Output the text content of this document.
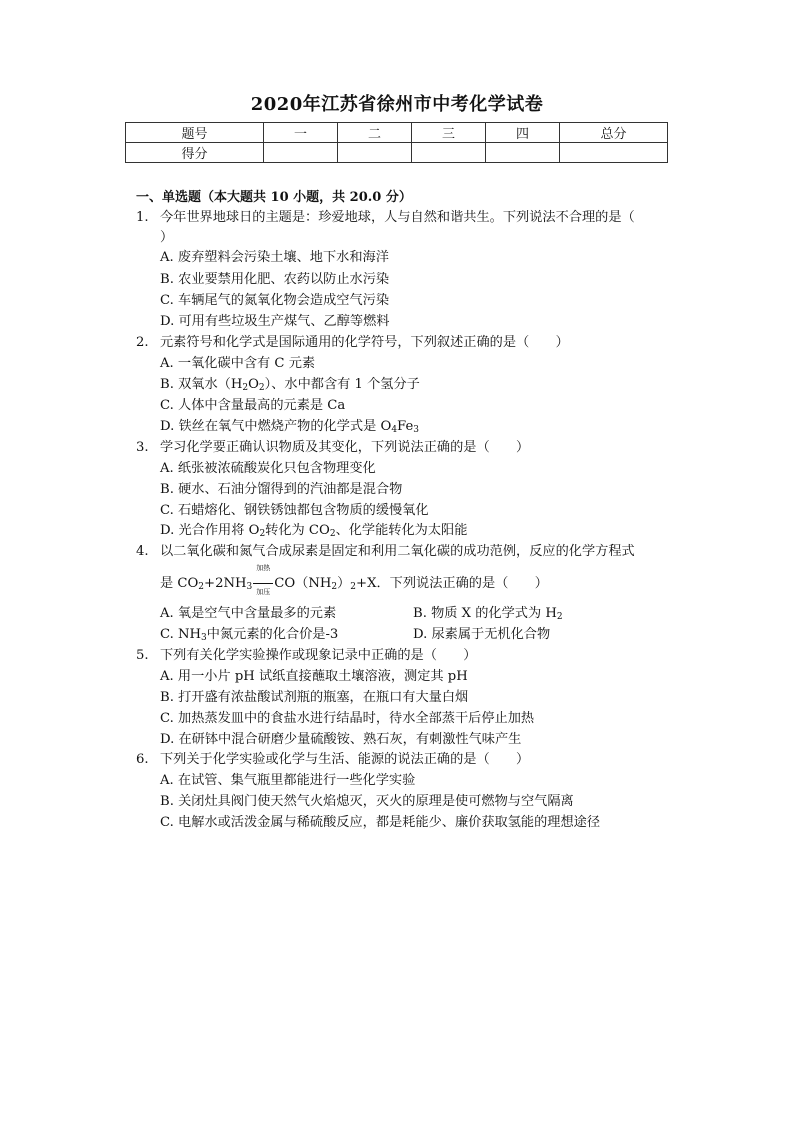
2020年江苏省徐州市中考化学试卷
题号	一	二	三	四	总分
得分					
一、单选题（本大题共 10 小题，共 20.0 分）
1. 今年世界地球日的主题是：珍爱地球，人与自然和谐共生。下列说法不合理的是（
）
A. 废弃塑料会污染土壤、地下水和海洋
B. 农业要禁用化肥、农药以防止水污染
C. 车辆尾气的氮氧化物会造成空气污染
D. 可用有些垃圾生产煤气、乙醇等燃料
2. 元素符号和化学式是国际通用的化学符号，下列叙述正确的是（　　）
A. 一氧化碳中含有 C 元素
B. 双氧水$(H_2O_2)$、水中都含有 1 个氢分子
C. 人体中含量最高的元素是 Ca
D. 铁丝在氧气中燃烧产物的化学式是 $O_4Fe_3$
3. 学习化学要正确认识物质及其变化，下列说法正确的是（　　）
A. 纸张被浓硫酸炭化只包含物理变化
B. 硬水、石油分馏得到的汽油都是混合物
C. 石蜡熔化、钢铁锈蚀都包含物质的缓慢氧化
D. 光合作用将 $O_2$转化为 $CO_2$、化学能转化为太阳能
4. 以二氧化碳和氮气合成尿素是固定和利用二氧化碳的成功范例，反应的化学方程式
是 $CO_2+2NH_3$
加热
加压
$CO(NH_2)_2+X$．下列说法正确的是（　　）
A. 氧是空气中含量最多的元素	B. 物质 X 的化学式为 $H_2$
C. $NH_3$中氮元素的化合价是-3	D. 尿素属于无机化合物
5. 下列有关化学实验操作或现象记录中正确的是（　　）
A. 用一小片 pH 试纸直接蘸取土壤溶液，测定其 pH
B. 打开盛有浓盐酸试剂瓶的瓶塞，在瓶口有大量白烟
C. 加热蒸发皿中的食盐水进行结晶时，待水全部蒸干后停止加热
D. 在研钵中混合研磨少量硫酸铵、熟石灰，有刺激性气味产生
6. 下列关于化学实验或化学与生活、能源的说法正确的是（　　）
A. 在试管、集气瓶里都能进行一些化学实验
B. 关闭灶具阀门使天然气火焰熄灭，灭火的原理是使可燃物与空气隔离
C. 电解水或活泼金属与稀硫酸反应，都是耗能少、廉价获取氢能的理想途径
